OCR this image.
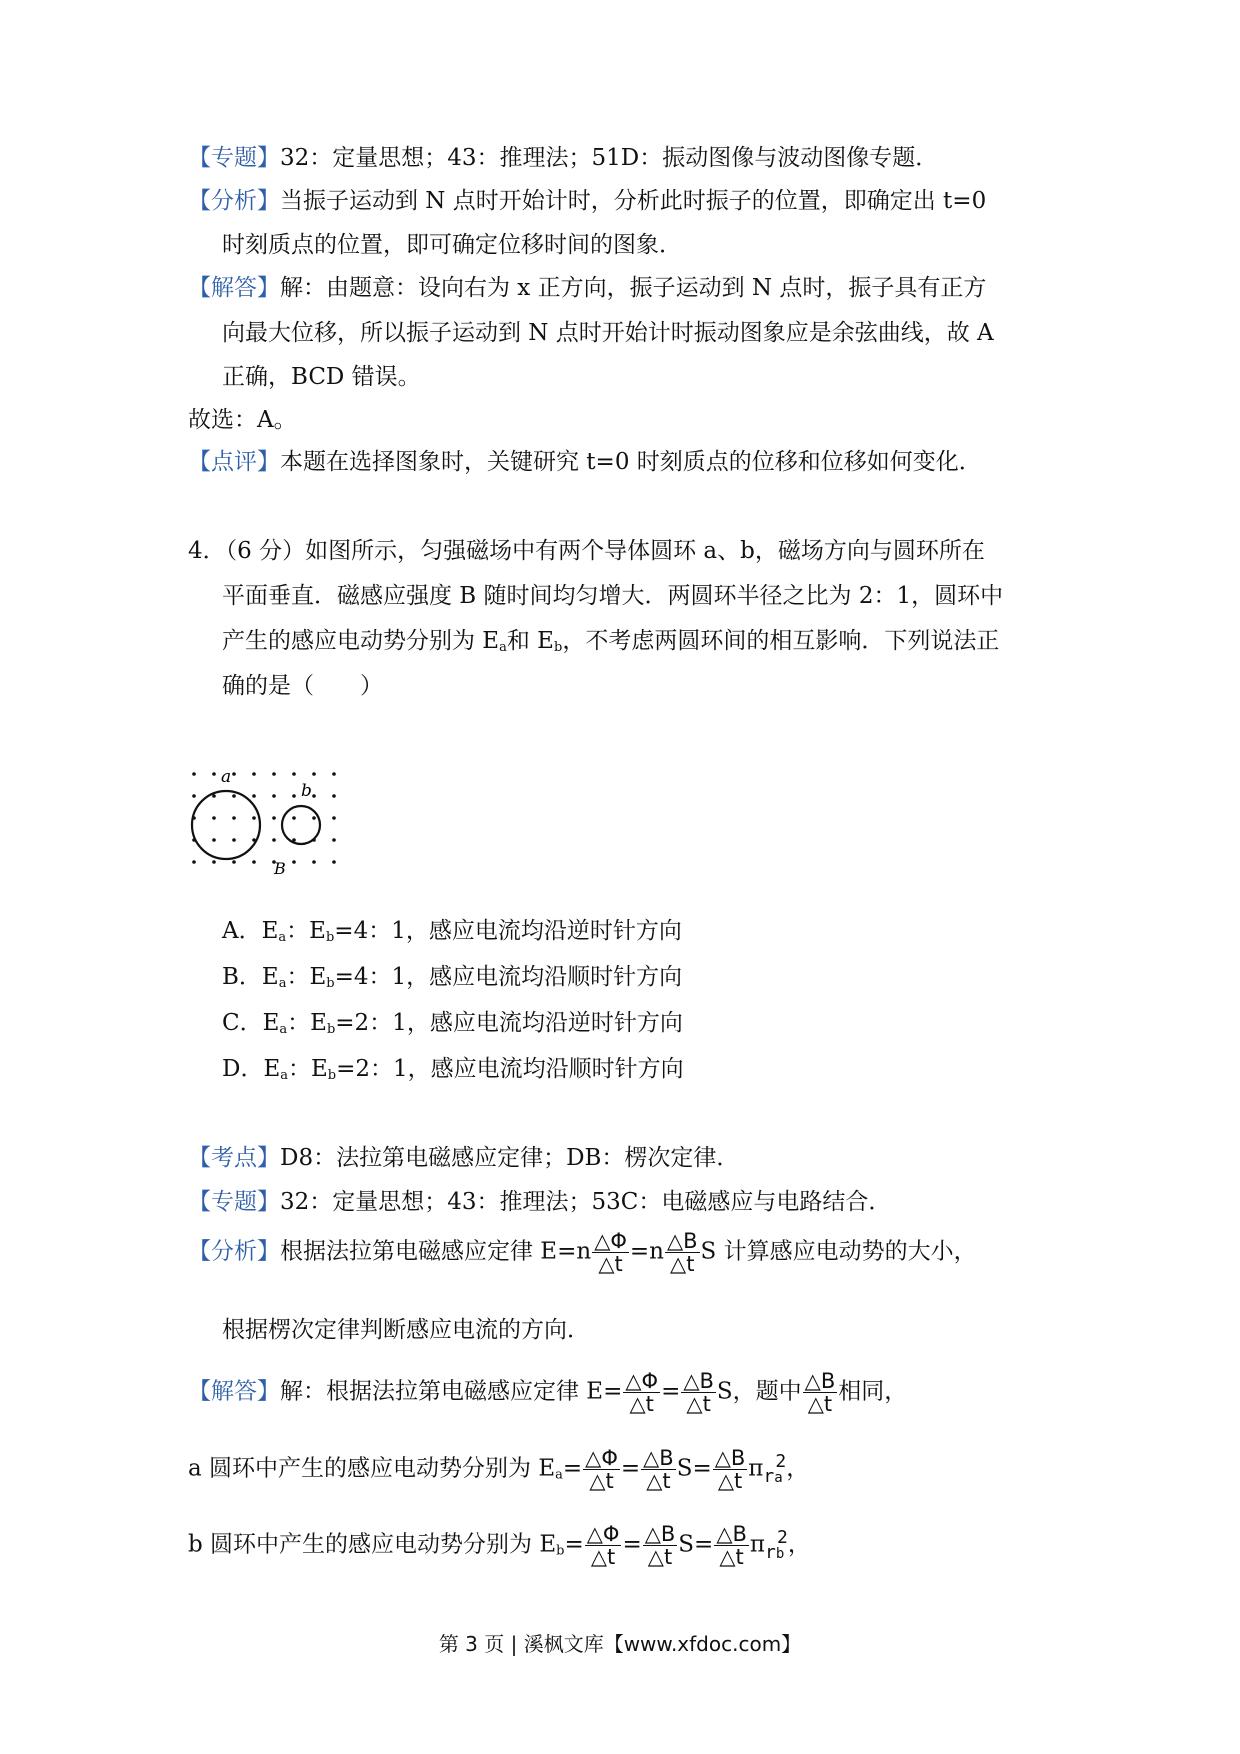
【专题】32：定量思想；43：推理法；51D：振动图像与波动图像专题．
【分析】当振子运动到 N 点时开始计时，分析此时振子的位置，即确定出 t=0
时刻质点的位置，即可确定位移时间的图象．
【解答】解：由题意：设向右为 x 正方向，振子运动到 N 点时，振子具有正方
向最大位移，所以振子运动到 N 点时开始计时振动图象应是余弦曲线，故 A
正确，BCD 错误。
故选：A。
【点评】本题在选择图象时，关键研究 t=0 时刻质点的位移和位移如何变化．
4．（6 分）如图所示，匀强磁场中有两个导体圆环 a、b，磁场方向与圆环所在
平面垂直．磁感应强度 B 随时间均匀增大．两圆环半径之比为 2：1，圆环中
产生的感应电动势分别为 $E_a$和 $E_b$，不考虑两圆环间的相互影响．下列说法正
确的是（　　）
a
b
B
A．$E_a$：$E_b=4$：1，感应电流均沿逆时针方向
B．$E_a$：$E_b=4$：1，感应电流均沿顺时针方向
C．$E_a$：$E_b=2$：1，感应电流均沿逆时针方向
D．$E_a$：$E_b=2$：1，感应电流均沿顺时针方向
【考点】D8：法拉第电磁感应定律；DB：楞次定律．
【专题】32：定量思想；43：推理法；53C：电磁感应与电路结合．
【分析】根据法拉第电磁感应定律 $E=n \frac{\triangle\Phi}{\triangle t} =n \frac{\triangle B}{\triangle t}$ S 计算感应电动势的大小，
根据楞次定律判断感应电流的方向．
【解答】解：根据法拉第电磁感应定律 $E= \frac{\triangle\Phi}{\triangle t} = \frac{\triangle B}{\triangle t}$ S，题中 $\frac{\triangle B}{\triangle t}$ 相同，
a 圆环中产生的感应电动势分别为 $E_a= \frac{\triangle\Phi}{\triangle t} = \frac{\triangle B}{\triangle t} S= \frac{\triangle B}{\triangle t}$ π 2
ra ，
b 圆环中产生的感应电动势分别为 $E_b= \frac{\triangle\Phi}{\triangle t} = \frac{\triangle B}{\triangle t} S= \frac{\triangle B}{\triangle t}$ π 2
rb ，
第 3 页 | 溪枫文库【www.xfdoc.com】
